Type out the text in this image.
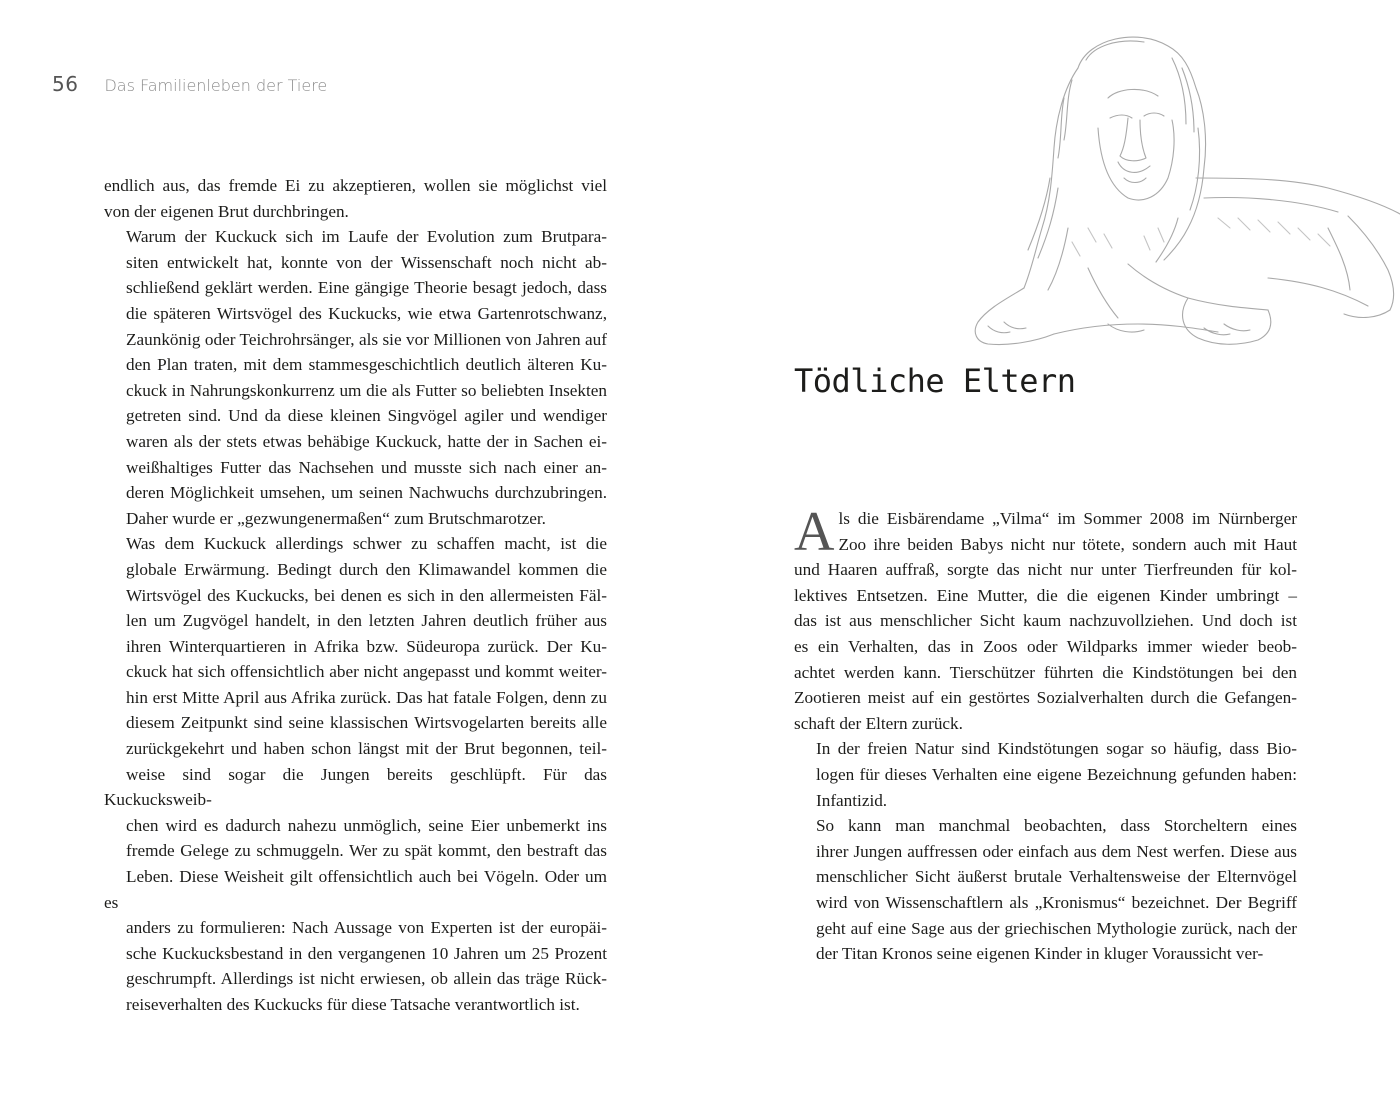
56 Das Familienleben der Tiere

endlich aus, das fremde Ei zu akzeptieren, wollen sie möglichst viel
von der eigenen Brut durchbringen.

Warum der Kuckuck sich im Laufe der Evolution zum Brutpara-
siten entwickelt hat, konnte von der Wissenschaft noch nicht ab-
schließend geklärt werden. Eine gängige Theorie besagt jedoch, dass
die späteren Wirtsvögel des Kuckucks, wie etwa Gartenrotschwanz,
Zaunkönig oder Teichrohrsänger, als sie vor Millionen von Jahren auf
den Plan traten, mit dem stammesgeschichtlich deutlich älteren Ku-
ckuck in Nahrungskonkurrenz um die als Futter so beliebten Insekten
getreten sind. Und da diese kleinen Singvögel agiler und wendiger
waren als der stets etwas behäbige Kuckuck, hatte der in Sachen ei-
weißhaltiges Futter das Nachsehen und musste sich nach einer an-
deren Möglichkeit umsehen, um seinen Nachwuchs durchzubringen.
Daher wurde er „gezwungenermaßen“ zum Brutschmarotzer.

Was dem Kuckuck allerdings schwer zu schaffen macht, ist die
globale Erwärmung. Bedingt durch den Klimawandel kommen die
Wirtsvögel des Kuckucks, bei denen es sich in den allermeisten Fäl-
len um Zugvögel handelt, in den letzten Jahren deutlich früher aus
ihren Winterquartieren in Afrika bzw. Südeuropa zurück. Der Ku-
ckuck hat sich offensichtlich aber nicht angepasst und kommt weiter-
hin erst Mitte April aus Afrika zurück. Das hat fatale Folgen, denn zu
diesem Zeitpunkt sind seine klassischen Wirtsvogelarten bereits alle
zurückgekehrt und haben schon längst mit der Brut begonnen, teil-
weise sind sogar die Jungen bereits geschlüpft. Für das Kuckucksweib-
chen wird es dadurch nahezu unmöglich, seine Eier unbemerkt ins
fremde Gelege zu schmuggeln. Wer zu spät kommt, den bestraft das
Leben. Diese Weisheit gilt offensichtlich auch bei Vögeln. Oder um es
anders zu formulieren: Nach Aussage von Experten ist der europäi-
sche Kuckucksbestand in den vergangenen 10 Jahren um 25 Prozent
geschrumpft. Allerdings ist nicht erwiesen, ob allein das träge Rück-
reiseverhalten des Kuckucks für diese Tatsache verantwortlich ist.

Tödliche Eltern

A ls die Eisbärendame „Vilma“ im Sommer 2008 im Nürnberger
Zoo ihre beiden Babys nicht nur tötete, sondern auch mit Haut
und Haaren auffraß, sorgte das nicht nur unter Tierfreunden für kol-
lektives Entsetzen. Eine Mutter, die die eigenen Kinder umbringt –
das ist aus menschlicher Sicht kaum nachzuvollziehen. Und doch ist
es ein Verhalten, das in Zoos oder Wildparks immer wieder beob-
achtet werden kann. Tierschützer führten die Kindstötungen bei den
Zootieren meist auf ein gestörtes Sozialverhalten durch die Gefangen-
schaft der Eltern zurück.

In der freien Natur sind Kindstötungen sogar so häufig, dass Bio-
logen für dieses Verhalten eine eigene Bezeichnung gefunden haben:
Infantizid.

So kann man manchmal beobachten, dass Storcheltern eines
ihrer Jungen auffressen oder einfach aus dem Nest werfen. Diese aus
menschlicher Sicht äußerst brutale Verhaltensweise der Elternvögel
wird von Wissenschaftlern als „Kronismus“ bezeichnet. Der Begriff
geht auf eine Sage aus der griechischen Mythologie zurück, nach der
der Titan Kronos seine eigenen Kinder in kluger Voraussicht ver-
